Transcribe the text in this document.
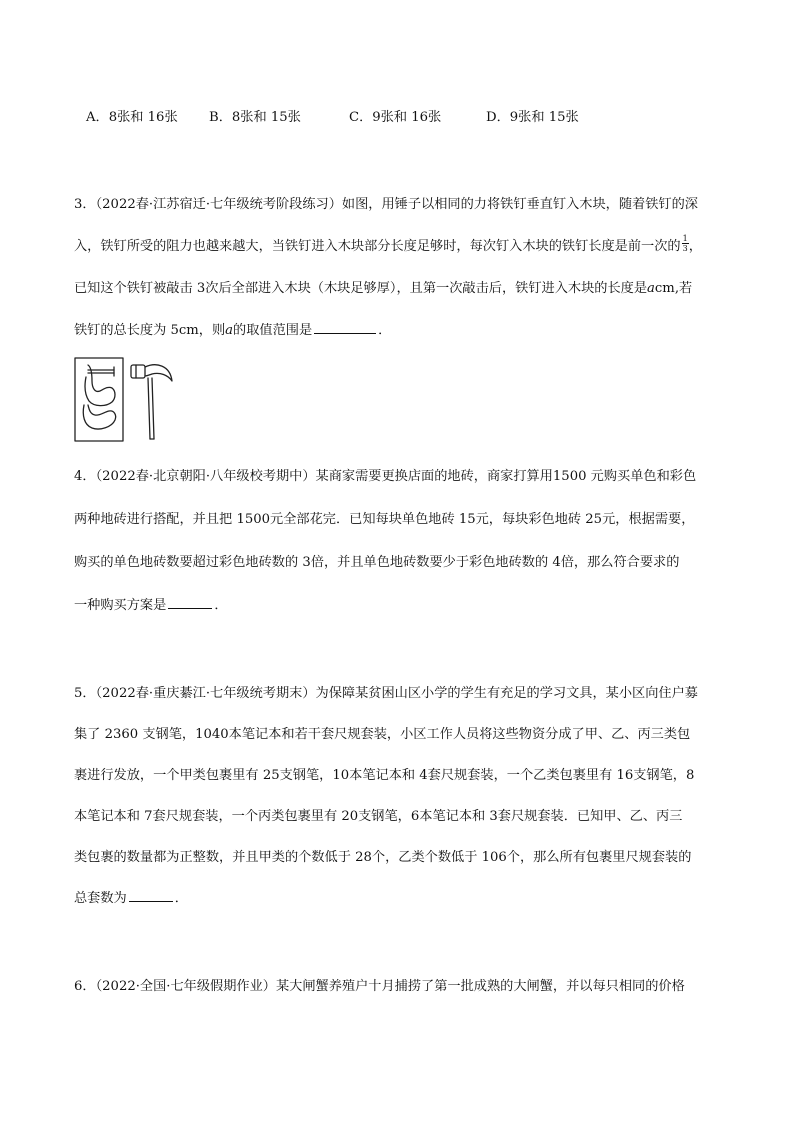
A．8张和 16张	B．8张和 15张	C．9张和 16张	D．9张和 15张
3．（2022春·江苏宿迁·七年级统考阶段练习）如图，用锤子以相同的力将铁钉垂直钉入木块，随着铁钉的深
入，铁钉所受的阻力也越来越大，当铁钉进入木块部分长度足够时，每次钉入木块的铁钉长度是前一次的 $\frac{1}{3}$ ，
已知这个铁钉被敲击 3次后全部进入木块（木块足够厚），且第一次敲击后，铁钉进入木块的长度是acm,若
铁钉的总长度为 5cm，则a的取值范围是	．
4．（2022春·北京朝阳·八年级校考期中）某商家需要更换店面的地砖，商家打算用1500 元购买单色和彩色
两种地砖进行搭配，并且把 1500元全部花完．已知每块单色地砖 15元，每块彩色地砖 25元，根据需要，
购买的单色地砖数要超过彩色地砖数的 3倍，并且单色地砖数要少于彩色地砖数的 4倍，那么符合要求的
一种购买方案是	．
5．（2022春·重庆綦江·七年级统考期末）为保障某贫困山区小学的学生有充足的学习文具，某小区向住户募
集了 2360 支钢笔，1040本笔记本和若干套尺规套装，小区工作人员将这些物资分成了甲、乙、丙三类包
裹进行发放，一个甲类包裹里有 25支钢笔，10本笔记本和 4套尺规套装，一个乙类包裹里有 16支钢笔，8
本笔记本和 7套尺规套装，一个丙类包裹里有 20支钢笔，6本笔记本和 3套尺规套装．已知甲、乙、丙三
类包裹的数量都为正整数，并且甲类的个数低于 28个，乙类个数低于 106个，那么所有包裹里尺规套装的
总套数为	．
6．（2022·全国·七年级假期作业）某大闸蟹养殖户十月捕捞了第一批成熟的大闸蟹，并以每只相同的价格
